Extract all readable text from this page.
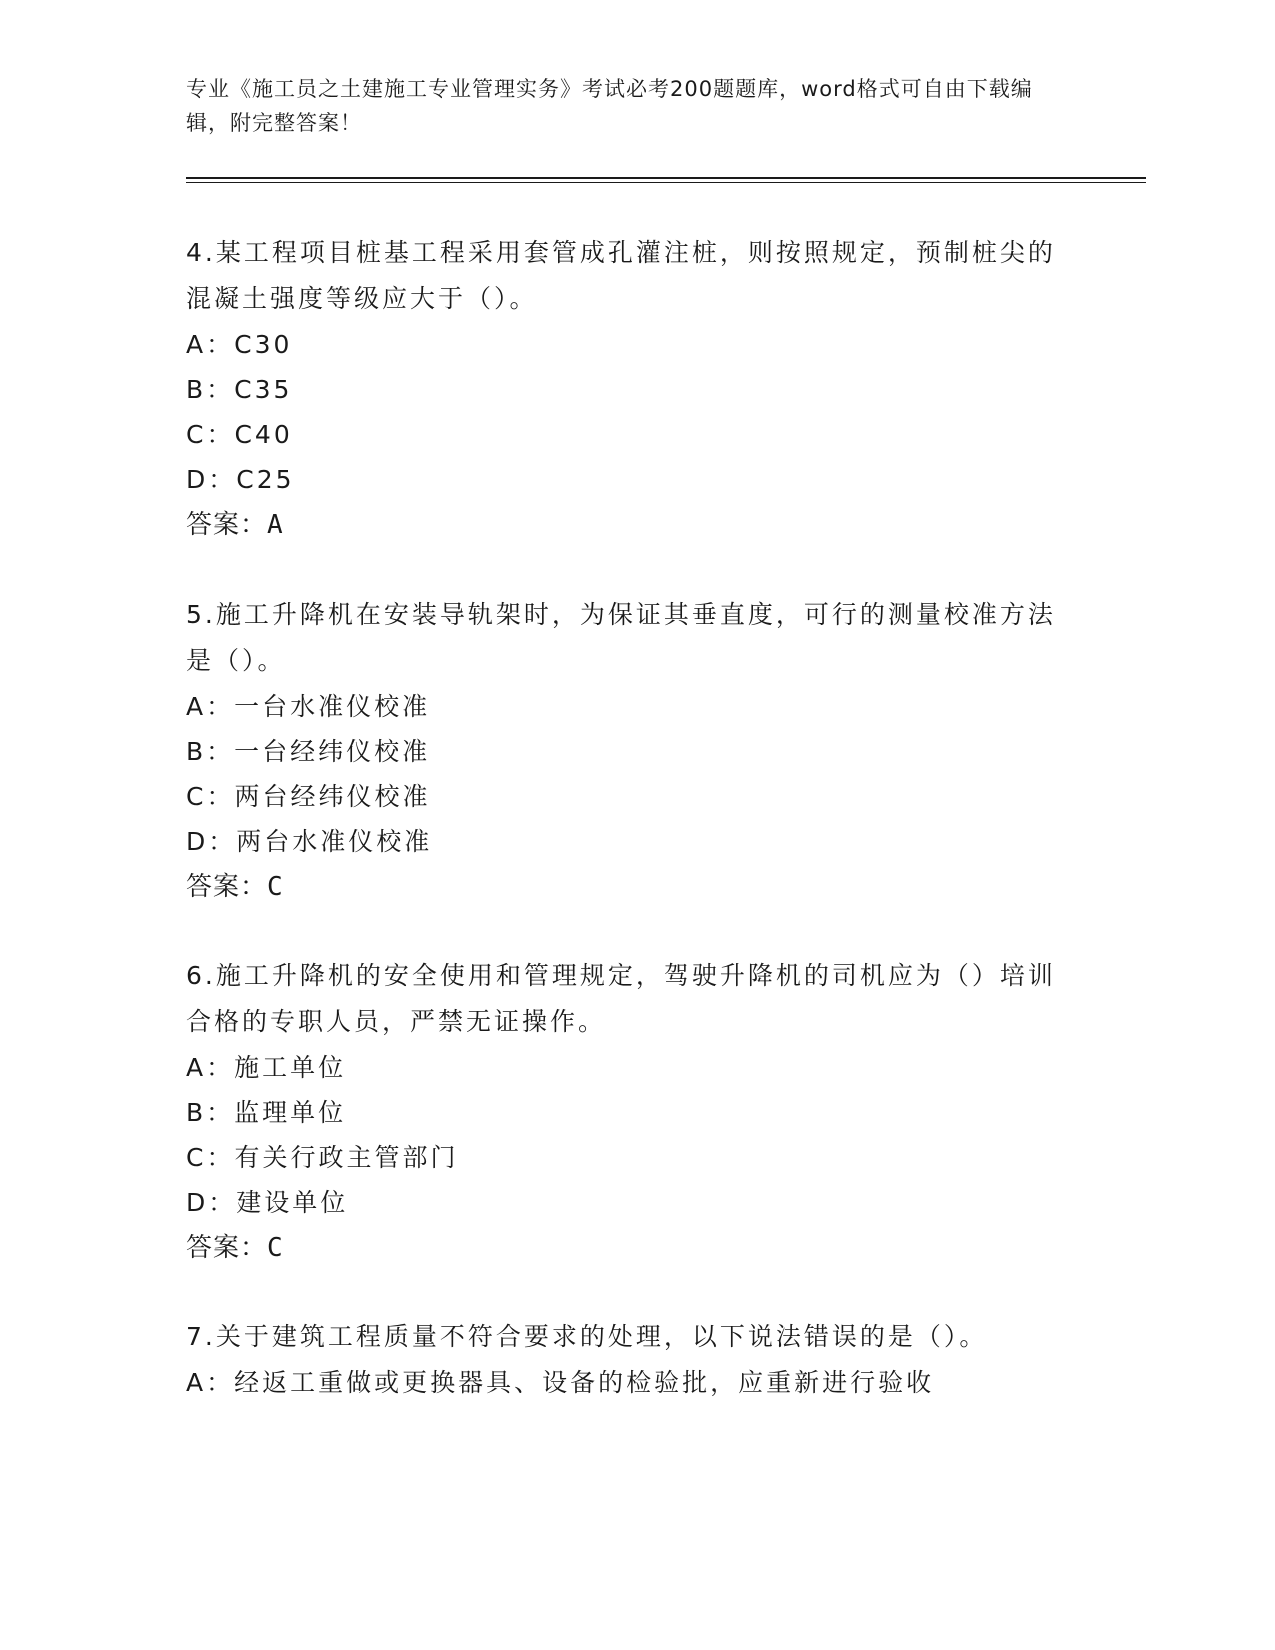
专业《施工员之土建施工专业管理实务》考试必考200题题库，word格式可自由下载编辑，附完整答案！
4.某工程项目桩基工程采用套管成孔灌注桩，则按照规定，预制桩尖的混凝土强度等级应大于（）。
A：C30
B：C35
C：C40
D：C25
答案：A
5.施工升降机在安装导轨架时，为保证其垂直度，可行的测量校准方法是（）。
A：一台水准仪校准
B：一台经纬仪校准
C：两台经纬仪校准
D：两台水准仪校准
答案：C
6.施工升降机的安全使用和管理规定，驾驶升降机的司机应为（）培训合格的专职人员，严禁无证操作。
A：施工单位
B：监理单位
C：有关行政主管部门
D：建设单位
答案：C
7.关于建筑工程质量不符合要求的处理，以下说法错误的是（）。
A：经返工重做或更换器具、设备的检验批，应重新进行验收
